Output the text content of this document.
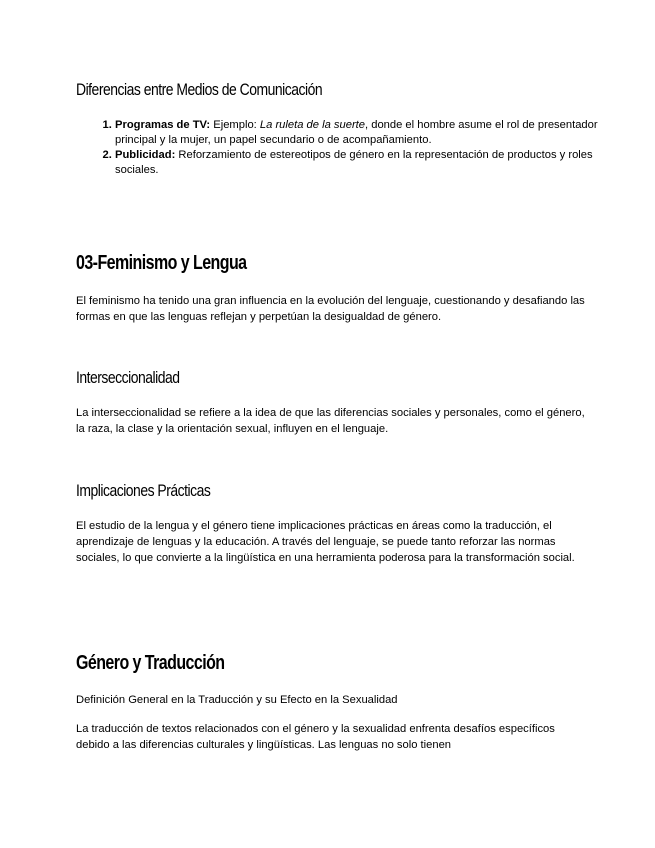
Diferencias entre Medios de Comunicación
1. Programas de TV: Ejemplo: La ruleta de la suerte, donde el hombre asume el rol de presentador principal y la mujer, un papel secundario o de acompañamiento.
2. Publicidad: Reforzamiento de estereotipos de género en la representación de productos y roles sociales.
03-Feminismo y Lengua

El feminismo ha tenido una gran influencia en la evolución del lenguaje, cuestionando y desafiando las formas en que las lenguas reflejan y perpetúan la desigualdad de género.

Interseccionalidad

La interseccionalidad se refiere a la idea de que las diferencias sociales y personales, como el género, la raza, la clase y la orientación sexual, influyen en el lenguaje.

Implicaciones Prácticas

El estudio de la lengua y el género tiene implicaciones prácticas en áreas como la traducción, el aprendizaje de lenguas y la educación. A través del lenguaje, se puede tanto reforzar las normas sociales, lo que convierte a la lingüística en una herramienta poderosa para la transformación social.

Género y Traducción

Definición General en la Traducción y su Efecto en la Sexualidad

La traducción de textos relacionados con el género y la sexualidad enfrenta desafíos específicos debido a las diferencias culturales y lingüísticas. Las lenguas no solo tienen
